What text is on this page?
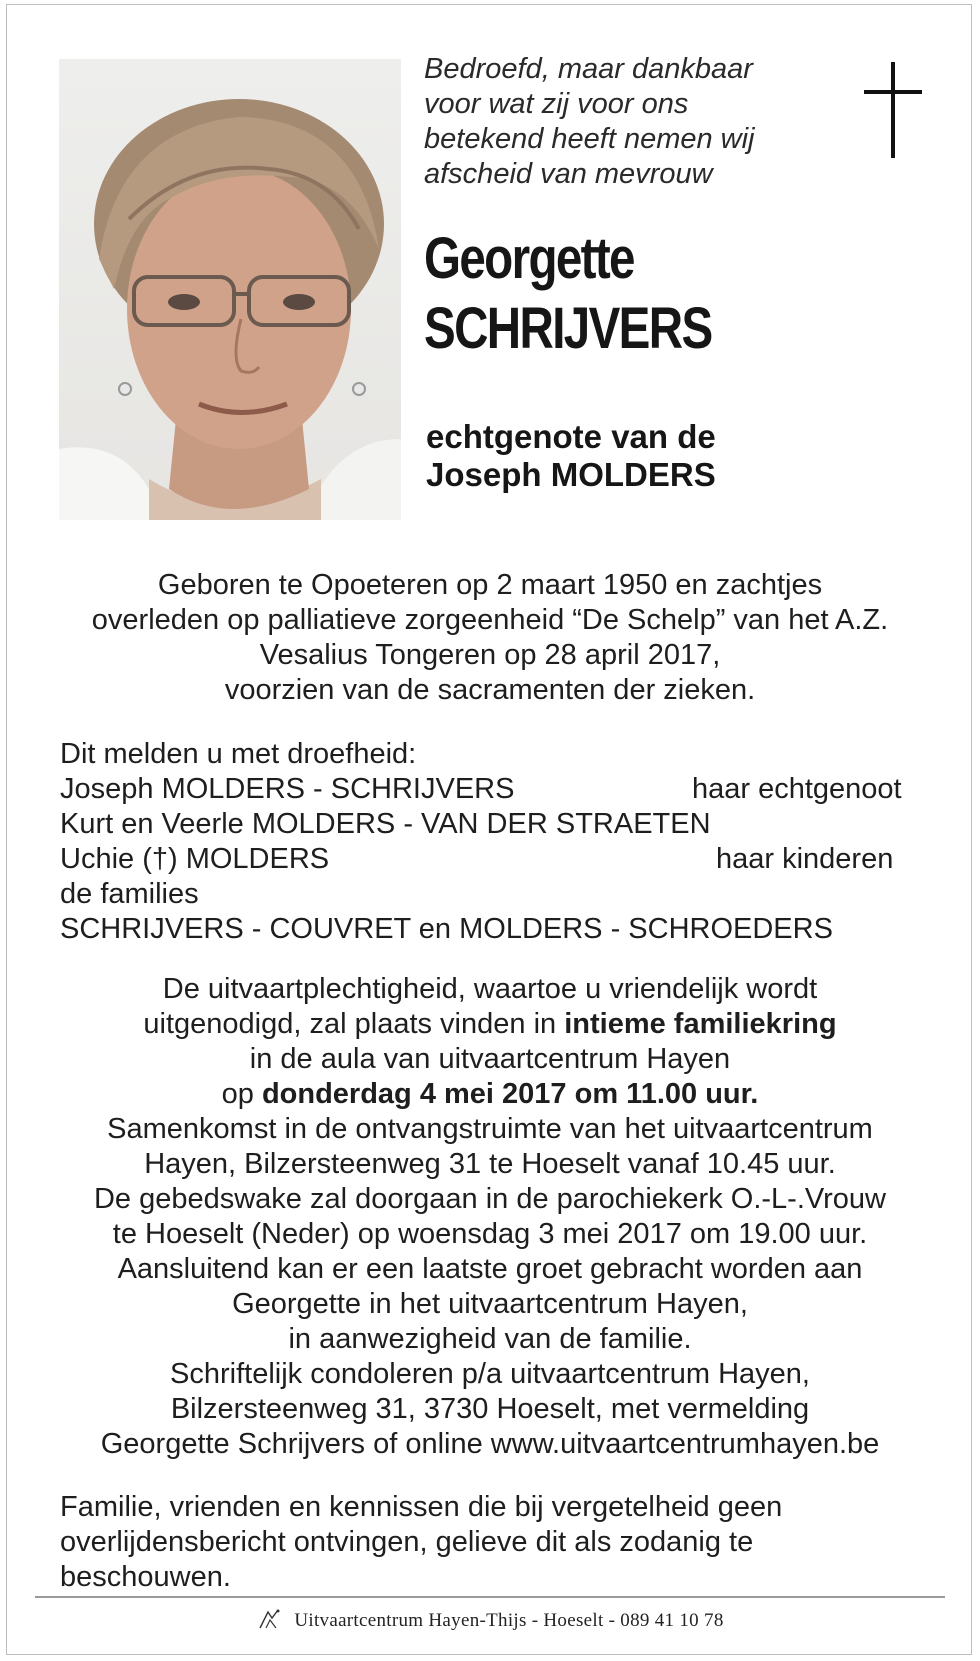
Bedroefd, maar dankbaar
voor wat zij voor ons
betekend heeft nemen wij
afscheid van mevrouw
Georgette
SCHRIJVERS
echtgenote van de
Joseph MOLDERS
Geboren te Opoeteren op 2 maart 1950 en zachtjes
overleden op palliatieve zorgeenheid “De Schelp” van het A.Z.
Vesalius Tongeren op 28 april 2017,
voorzien van de sacramenten der zieken.
Dit melden u met droefheid:
Joseph MOLDERS - SCHRIJVERS	haar echtgenoot
Kurt en Veerle MOLDERS - VAN DER STRAETEN
Uchie (†) MOLDERS	haar kinderen
de families
SCHRIJVERS - COUVRET en MOLDERS - SCHROEDERS
De uitvaartplechtigheid, waartoe u vriendelijk wordt
uitgenodigd, zal plaats vinden in intieme familiekring
in de aula van uitvaartcentrum Hayen
op donderdag 4 mei 2017 om 11.00 uur.
Samenkomst in de ontvangstruimte van het uitvaartcentrum
Hayen, Bilzersteenweg 31 te Hoeselt vanaf 10.45 uur.
De gebedswake zal doorgaan in de parochiekerk O.-L-.Vrouw
te Hoeselt (Neder) op woensdag 3 mei 2017 om 19.00 uur.
Aansluitend kan er een laatste groet gebracht worden aan
Georgette in het uitvaartcentrum Hayen,
in aanwezigheid van de familie.
Schriftelijk condoleren p/a uitvaartcentrum Hayen,
Bilzersteenweg 31, 3730 Hoeselt, met vermelding
Georgette Schrijvers of online www.uitvaartcentrumhayen.be
Familie, vrienden en kennissen die bij vergetelheid geen
overlijdensbericht ontvingen, gelieve dit als zodanig te
beschouwen.
Uitvaartcentrum Hayen-Thijs - Hoeselt - 089 41 10 78
